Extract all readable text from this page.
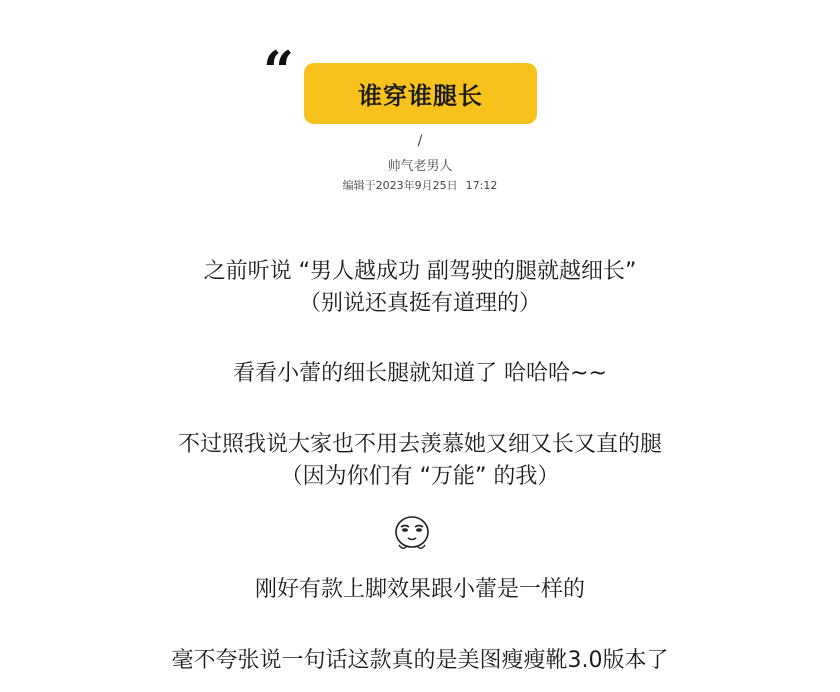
“	谁穿谁腿长
/
帅气老男人
编辑于2023年9月25日 17:12
之前听说 “男人越成功 副驾驶的腿就越细长”
（别说还真挺有道理的）
看看小蕾的细长腿就知道了 哈哈哈~~
不过照我说大家也不用去羡慕她又细又长又直的腿
（因为你们有 “万能” 的我）
刚好有款上脚效果跟小蕾是一样的
毫不夸张说一句话这款真的是美图瘦瘦靴3.0版本了
